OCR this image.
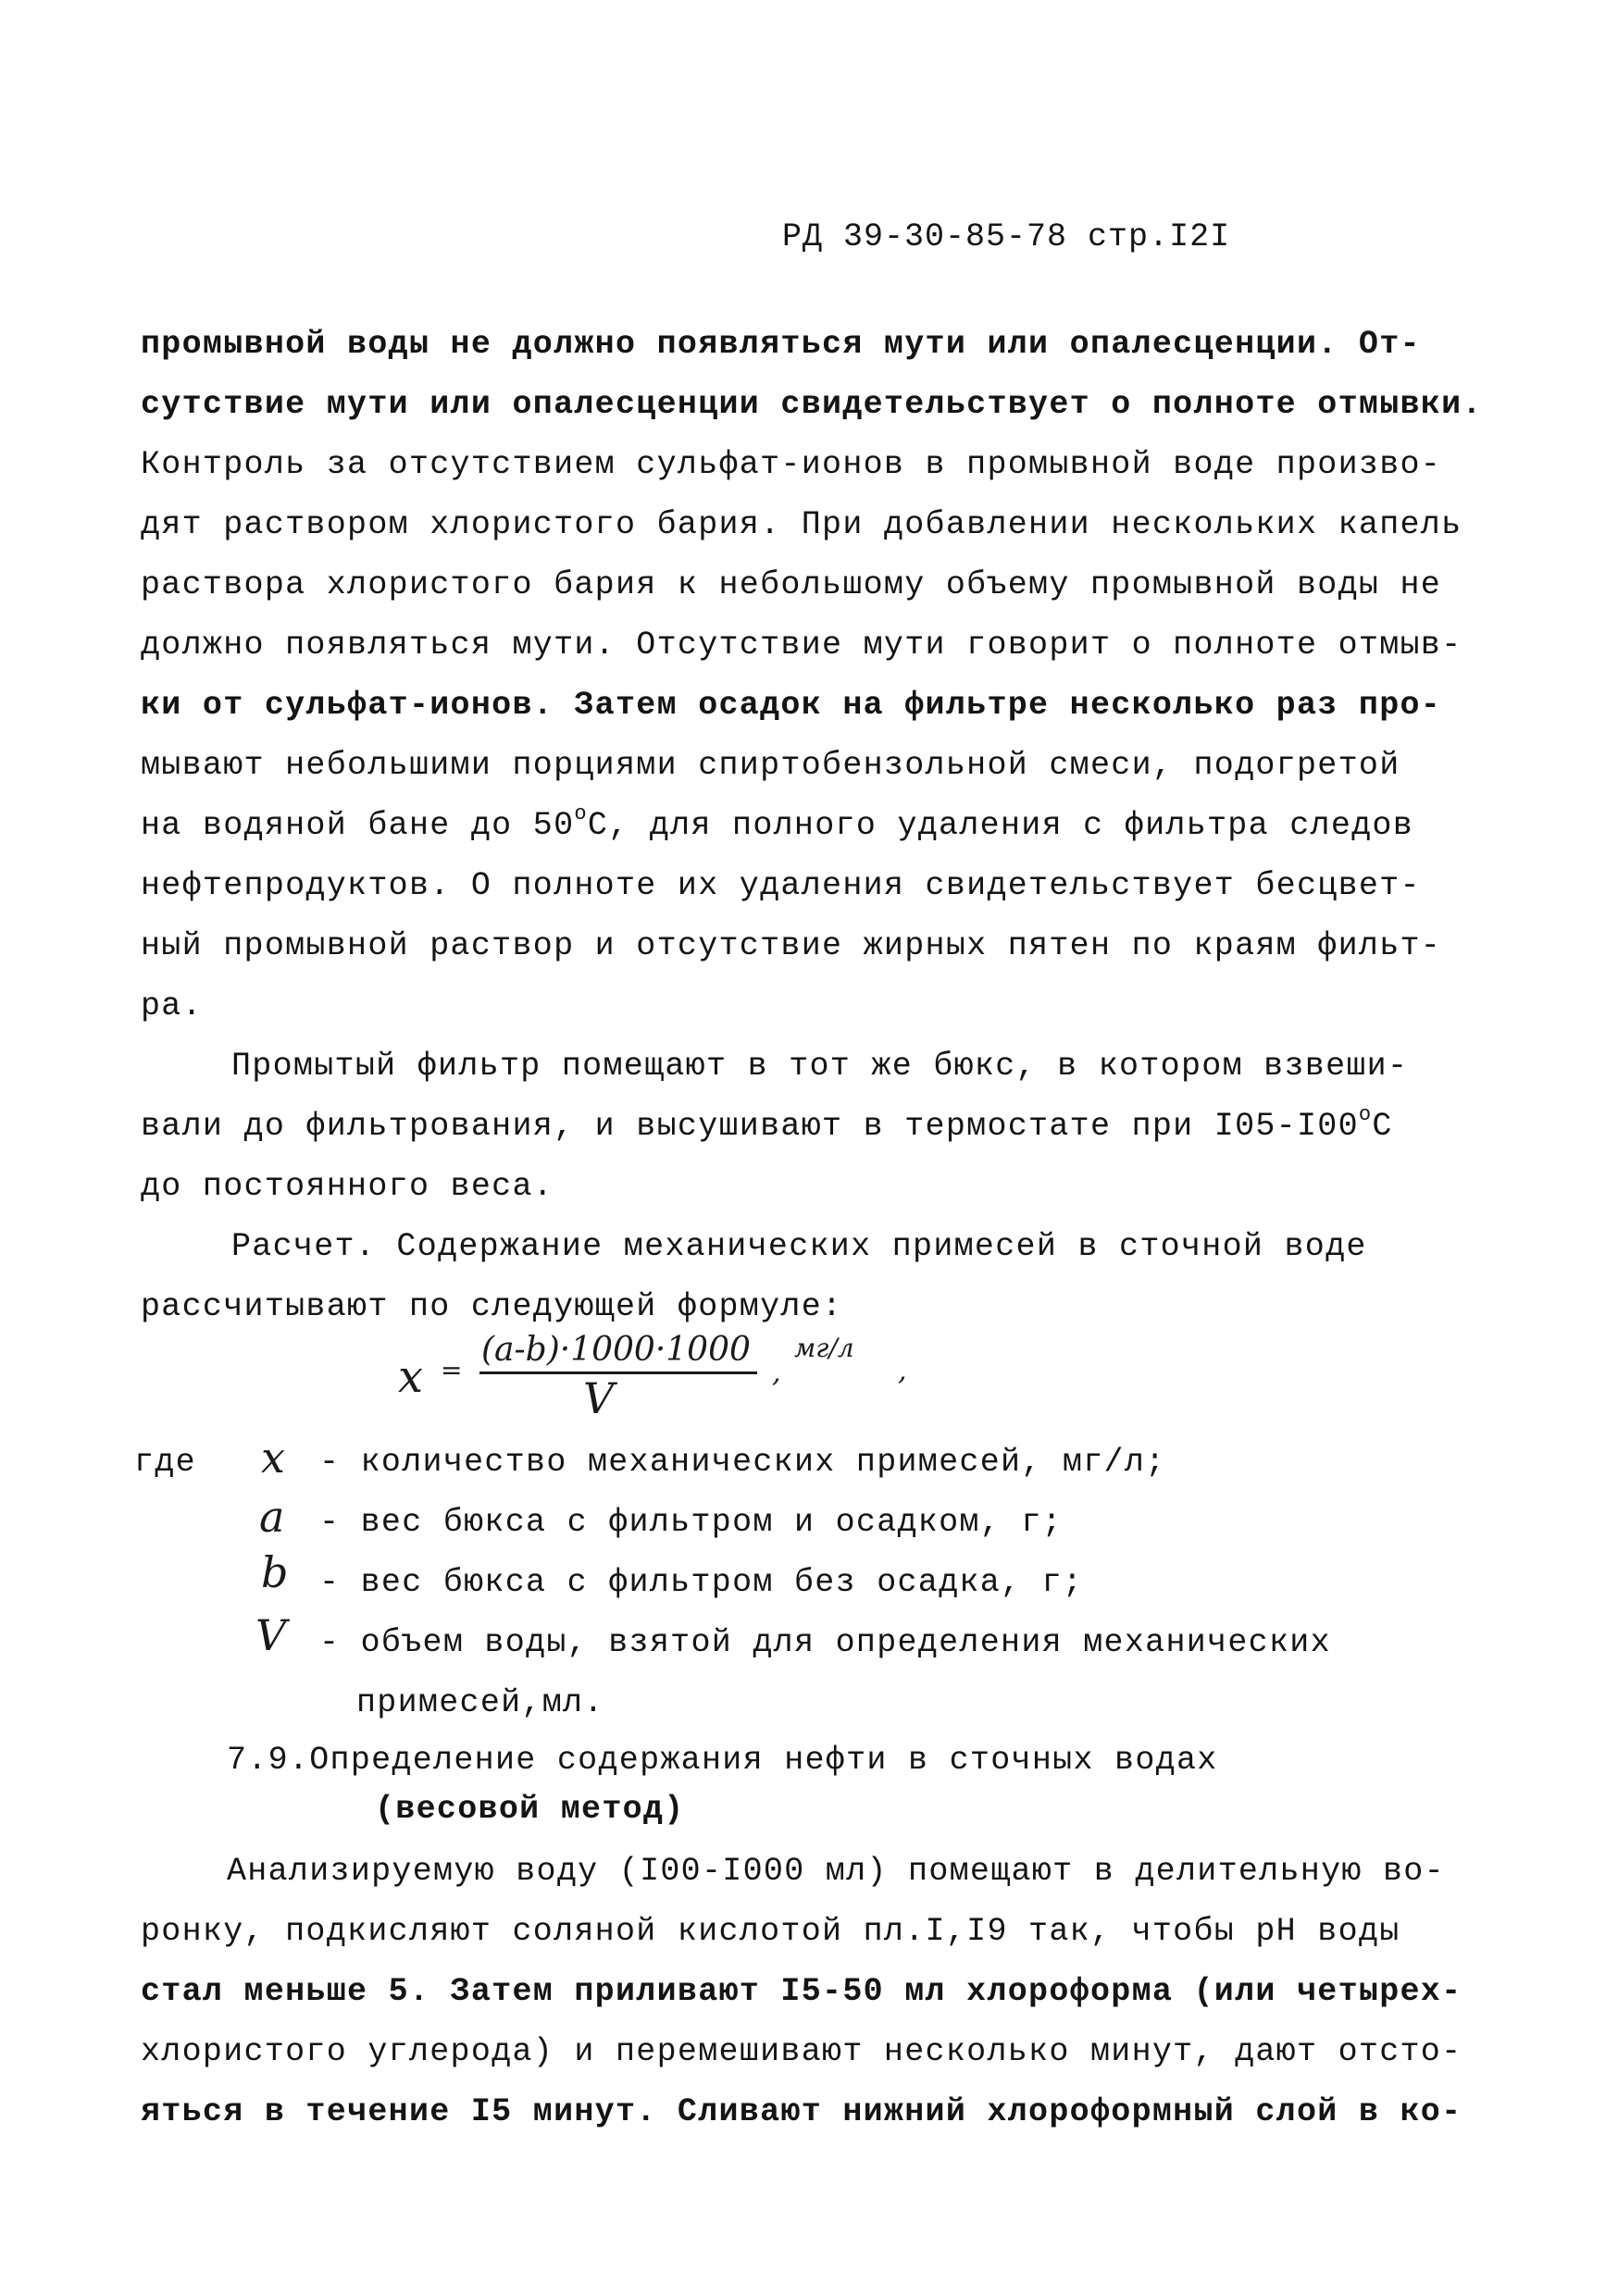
РД 39-30-85-78 стр.I2I
промывной воды не должно появляться мути или опалесценции. От-
сутствие мути или опалесценции свидетельствует о полноте отмывки.
Контроль за отсутствием сульфат-ионов в промывной воде произво-
дят раствором хлористого бария. При добавлении нескольких капель
раствора хлористого бария к небольшому объему промывной воды не
должно появляться мути. Отсутствие мути говорит о полноте отмыв-
ки от сульфат-ионов. Затем осадок на фильтре несколько раз про-
мывают небольшими порциями спиртобензольной смеси, подогретой
на водяной бане до 50$^o$С, для полного удаления с фильтра следов
нефтепродуктов. О полноте их удаления свидетельствует бесцвет-
ный промывной раствор и отсутствие жирных пятен по краям фильт-
ра.
Промытый фильтр помещают в тот же бюкс, в котором взвеши-
вали до фильтрования, и высушивают в термостате при I05-I00$^o$С
до постоянного веса.
Расчет. Содержание механических примесей в сточной воде
рассчитывают по следующей формуле:
x =
(a-b)·1000·1000
V
,
мг/л
,
где x - количество механических примесей, мг/л;
a - вес бюкса с фильтром и осадком, г;
b - вес бюкса с фильтром без осадка, г;
V - объем воды, взятой для определения механических
примесей,мл.
7.9.Определение содержания нефти в сточных водах
(весовой метод)
Анализируемую воду (I00-I000 мл) помещают в делительную во-
ронку, подкисляют соляной кислотой пл.I,I9 так, чтобы pH воды
стал меньше 5. Затем приливают I5-50 мл хлороформа (или четырех-
хлористого углерода) и перемешивают несколько минут, дают отсто-
яться в течение I5 минут. Сливают нижний хлороформный слой в ко-
